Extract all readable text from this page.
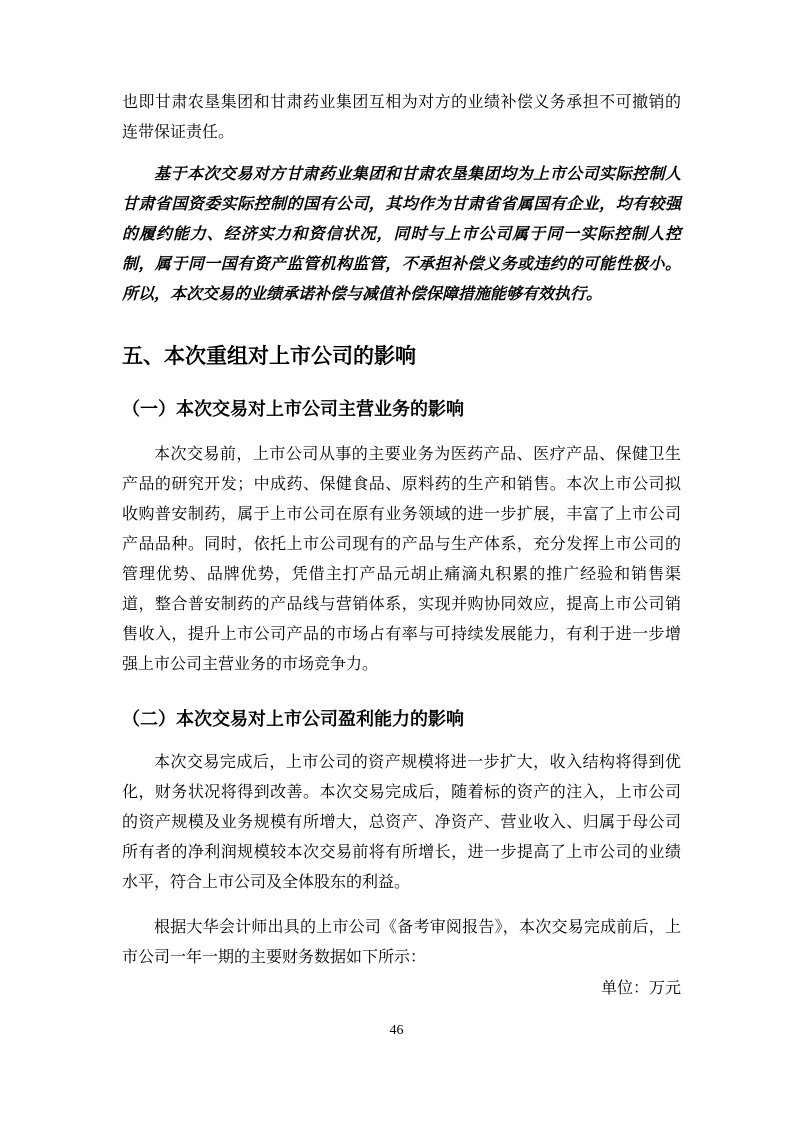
也即甘肃农垦集团和甘肃药业集团互相为对方的业绩补偿义务承担不可撤销的连带保证责任。

基于本次交易对方甘肃药业集团和甘肃农垦集团均为上市公司实际控制人甘肃省国资委实际控制的国有公司，其均作为甘肃省省属国有企业，均有较强的履约能力、经济实力和资信状况，同时与上市公司属于同一实际控制人控制，属于同一国有资产监管机构监管，不承担补偿义务或违约的可能性极小。所以，本次交易的业绩承诺补偿与减值补偿保障措施能够有效执行。

五、本次重组对上市公司的影响
（一）本次交易对上市公司主营业务的影响

本次交易前，上市公司从事的主要业务为医药产品、医疗产品、保健卫生产品的研究开发；中成药、保健食品、原料药的生产和销售。本次上市公司拟收购普安制药，属于上市公司在原有业务领域的进一步扩展，丰富了上市公司产品品种。同时，依托上市公司现有的产品与生产体系，充分发挥上市公司的管理优势、品牌优势，凭借主打产品元胡止痛滴丸积累的推广经验和销售渠道，整合普安制药的产品线与营销体系，实现并购协同效应，提高上市公司销售收入，提升上市公司产品的市场占有率与可持续发展能力，有利于进一步增强上市公司主营业务的市场竞争力。

（二）本次交易对上市公司盈利能力的影响

本次交易完成后，上市公司的资产规模将进一步扩大，收入结构将得到优化，财务状况将得到改善。本次交易完成后，随着标的资产的注入，上市公司的资产规模及业务规模有所增大，总资产、净资产、营业收入、归属于母公司所有者的净利润规模较本次交易前将有所增长，进一步提高了上市公司的业绩水平，符合上市公司及全体股东的利益。

根据大华会计师出具的上市公司《备考审阅报告》，本次交易完成前后，上市公司一年一期的主要财务数据如下所示：

单位：万元
46
